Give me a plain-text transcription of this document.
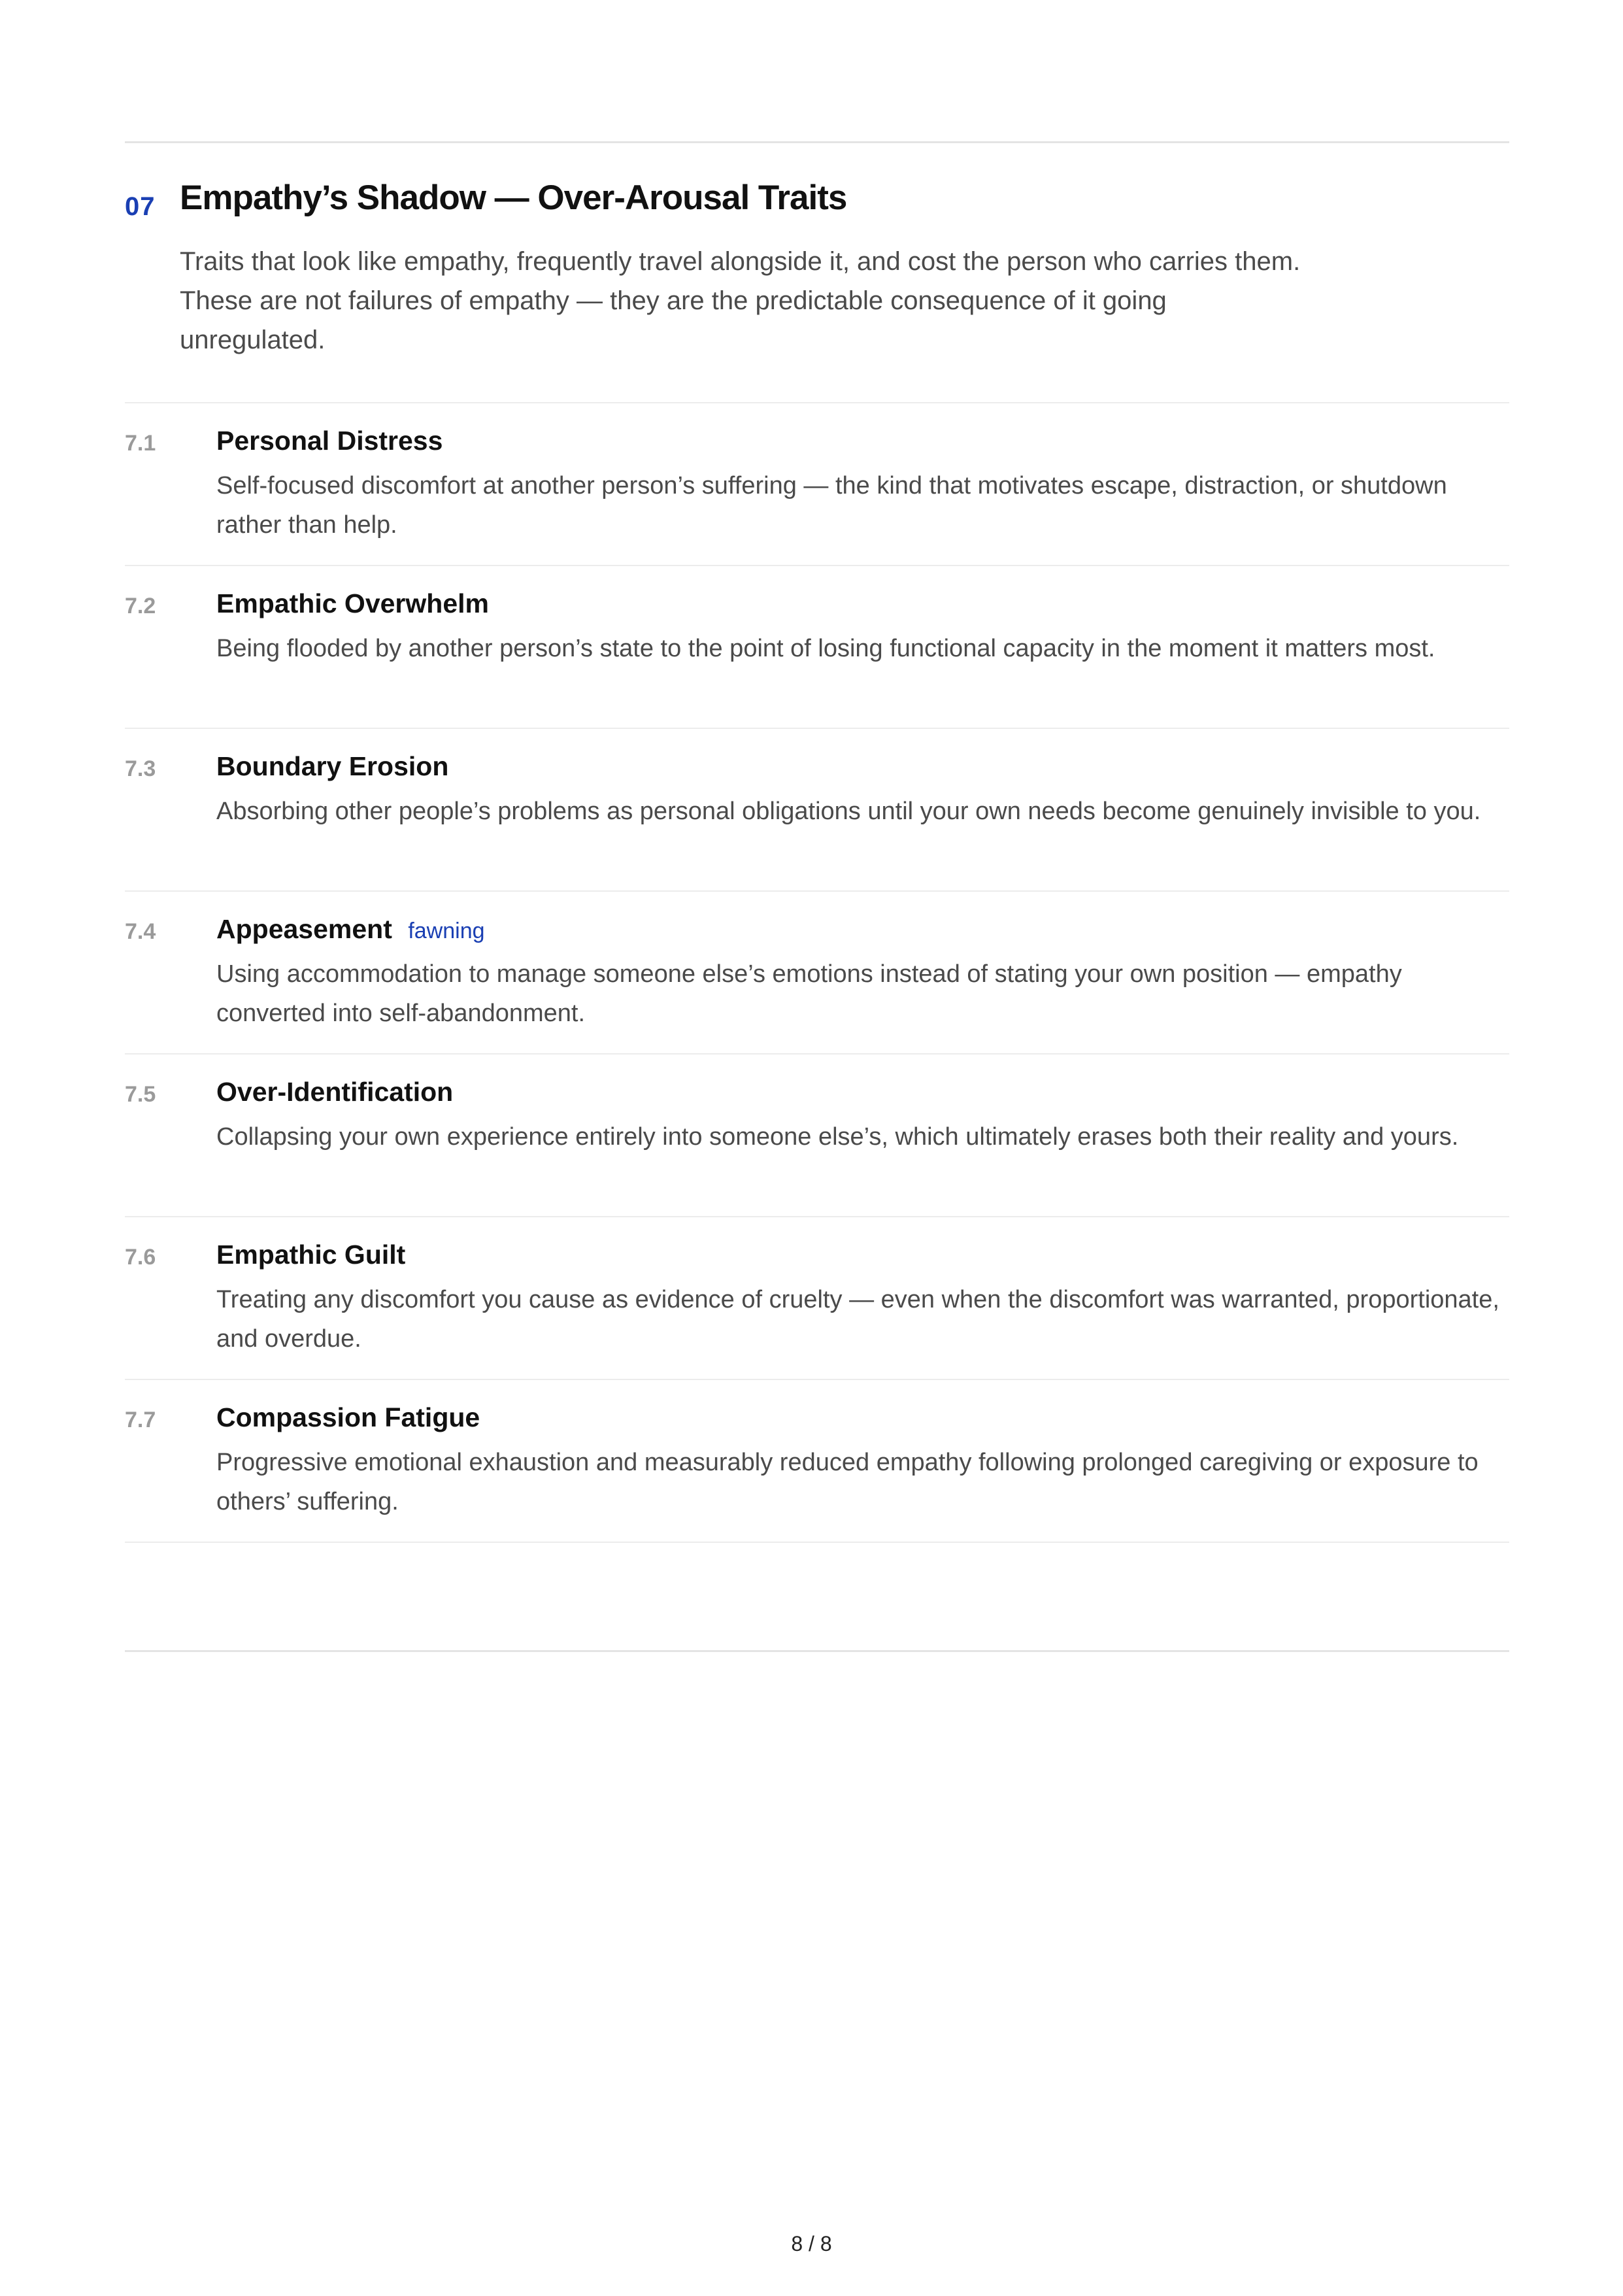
07 Empathy’s Shadow — Over-Arousal Traits

Traits that look like empathy, frequently travel alongside it, and cost the person who carries them. These are not failures of empathy — they are the predictable consequence of it going unregulated.

7.1 Personal Distress

Self-focused discomfort at another person’s suffering — the kind that motivates escape, distraction, or shutdown rather than help.

7.2 Empathic Overwhelm

Being flooded by another person’s state to the point of losing functional capacity in the moment it matters most.

7.3 Boundary Erosion

Absorbing other people’s problems as personal obligations until your own needs become genuinely invisible to you.

7.4 Appeasement fawning

Using accommodation to manage someone else’s emotions instead of stating your own position — empathy converted into self-abandonment.

7.5 Over-Identification

Collapsing your own experience entirely into someone else’s, which ultimately erases both their reality and yours.

7.6 Empathic Guilt

Treating any discomfort you cause as evidence of cruelty — even when the discomfort was warranted, proportionate, and overdue.

7.7 Compassion Fatigue

Progressive emotional exhaustion and measurably reduced empathy following prolonged caregiving or exposure to others’ suffering.

8 / 8
